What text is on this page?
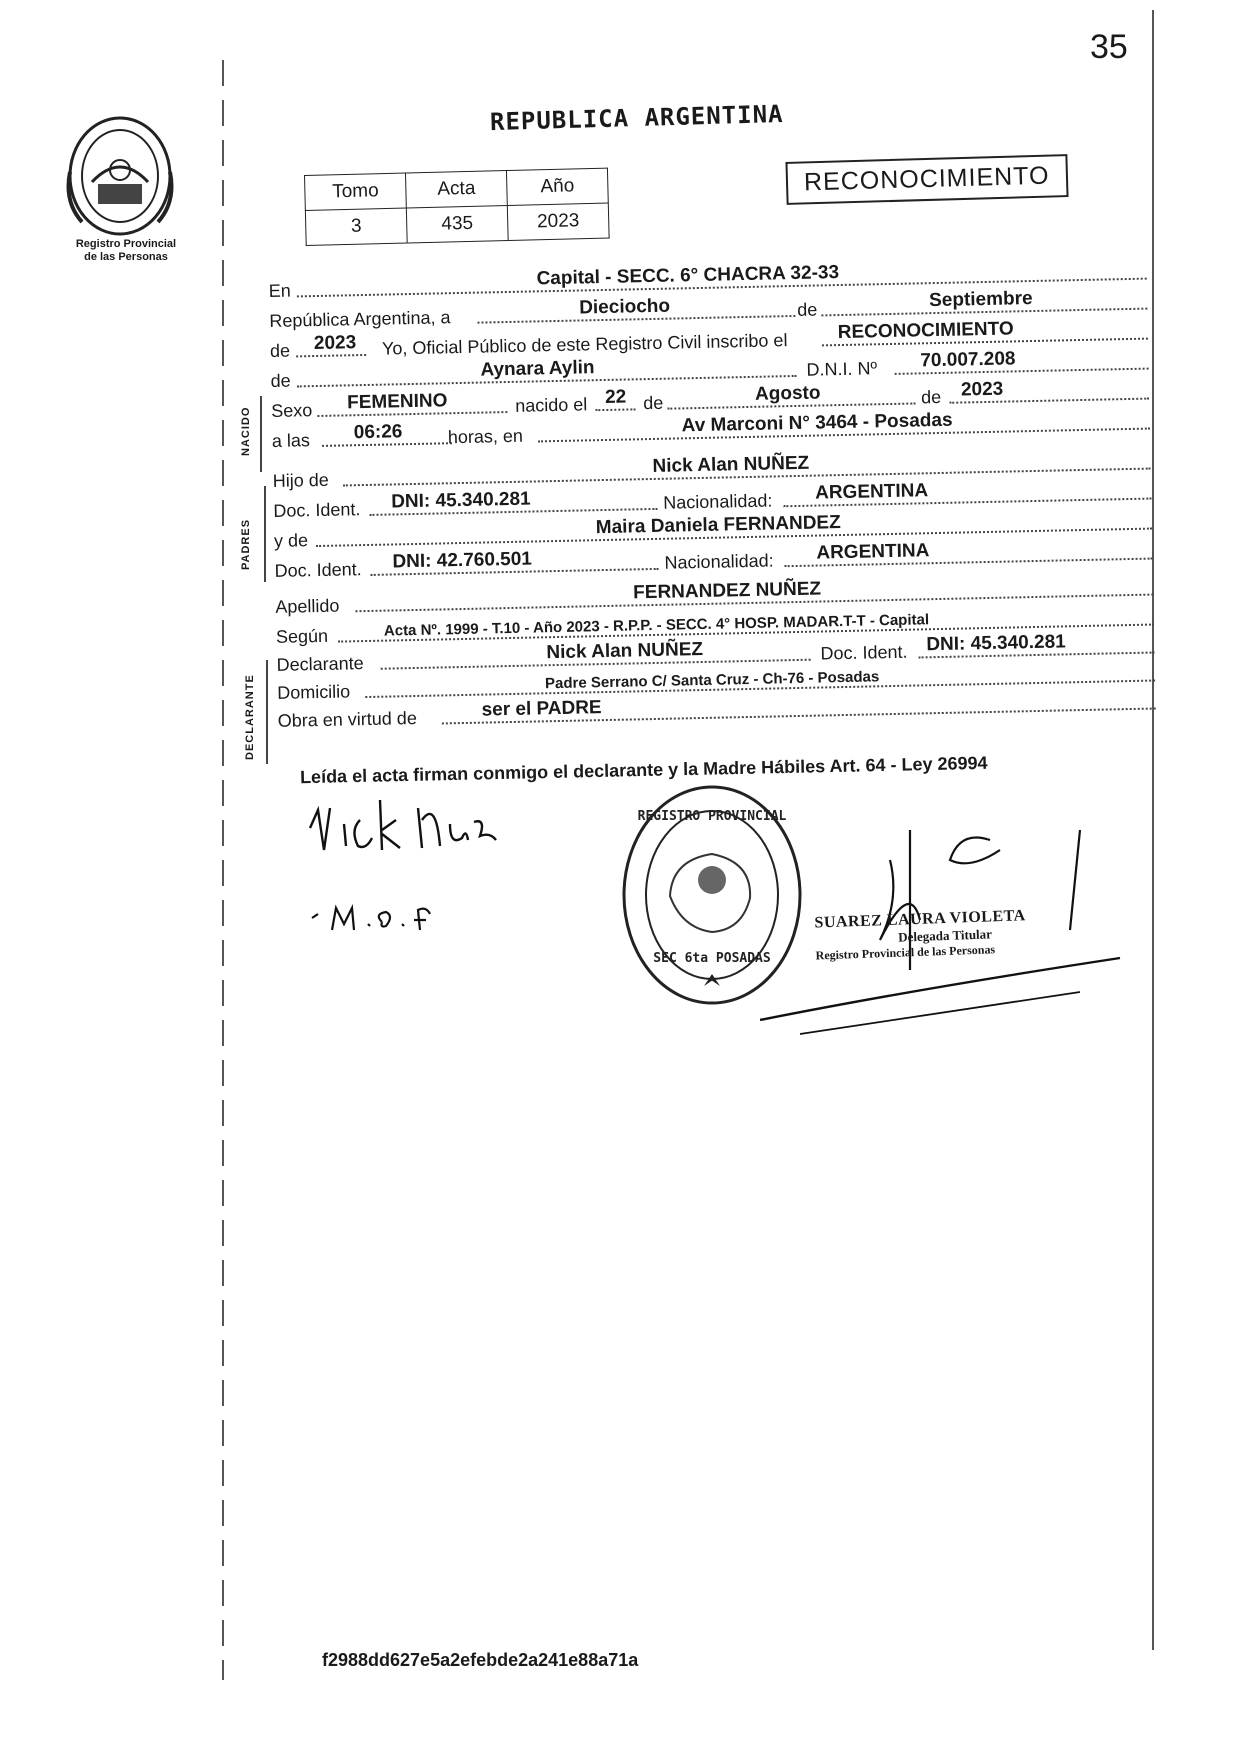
35
Registro Provincial
de las Personas
REPUBLICA ARGENTINA
Tomo	Acta	Año
3	435	2023
RECONOCIMIENTO
En
Capital - SECC. 6° CHACRA 32-33
República Argentina, a
Dieciocho	de	Septiembre
de 2023 Yo, Oficial Público de este Registro Civil inscribo el	RECONOCIMIENTO
de
Aynara Aylin	D.N.I. Nº 70.007.208
Sexo FEMENINO	nacido el 22 de	Agosto	de 2023
a las 06:26	horas, en
Av Marconi N° 3464 - Posadas
Hijo de
Nick Alan NUÑEZ
Doc. Ident. DNI: 45.340.281	Nacionalidad: ARGENTINA
y de
Maira Daniela FERNANDEZ
Doc. Ident. DNI: 42.760.501	Nacionalidad: ARGENTINA
Apellido
FERNANDEZ NUÑEZ
Según	Acta Nº. 1999 - T.10 - Año 2023 - R.P.P. - SECC. 4° HOSP. MADAR.T-T - Capital
Declarante
Nick Alan NUÑEZ	Doc. Ident. DNI: 45.340.281
Domicilio	Padre Serrano C/ Santa Cruz - Ch-76 - Posadas
Obra en virtud de	ser el PADRE
NACIDO
PADRES
DECLARANTE
Leída el acta firman conmigo el declarante y la Madre Hábiles Art. 64 - Ley 26994
REGISTRO PROVINCIAL
SEC 6ta POSADAS
SUAREZ LAURA VIOLETA
Delegada Titular
Registro Provincial de las Personas
f2988dd627e5a2efebde2a241e88a71a
